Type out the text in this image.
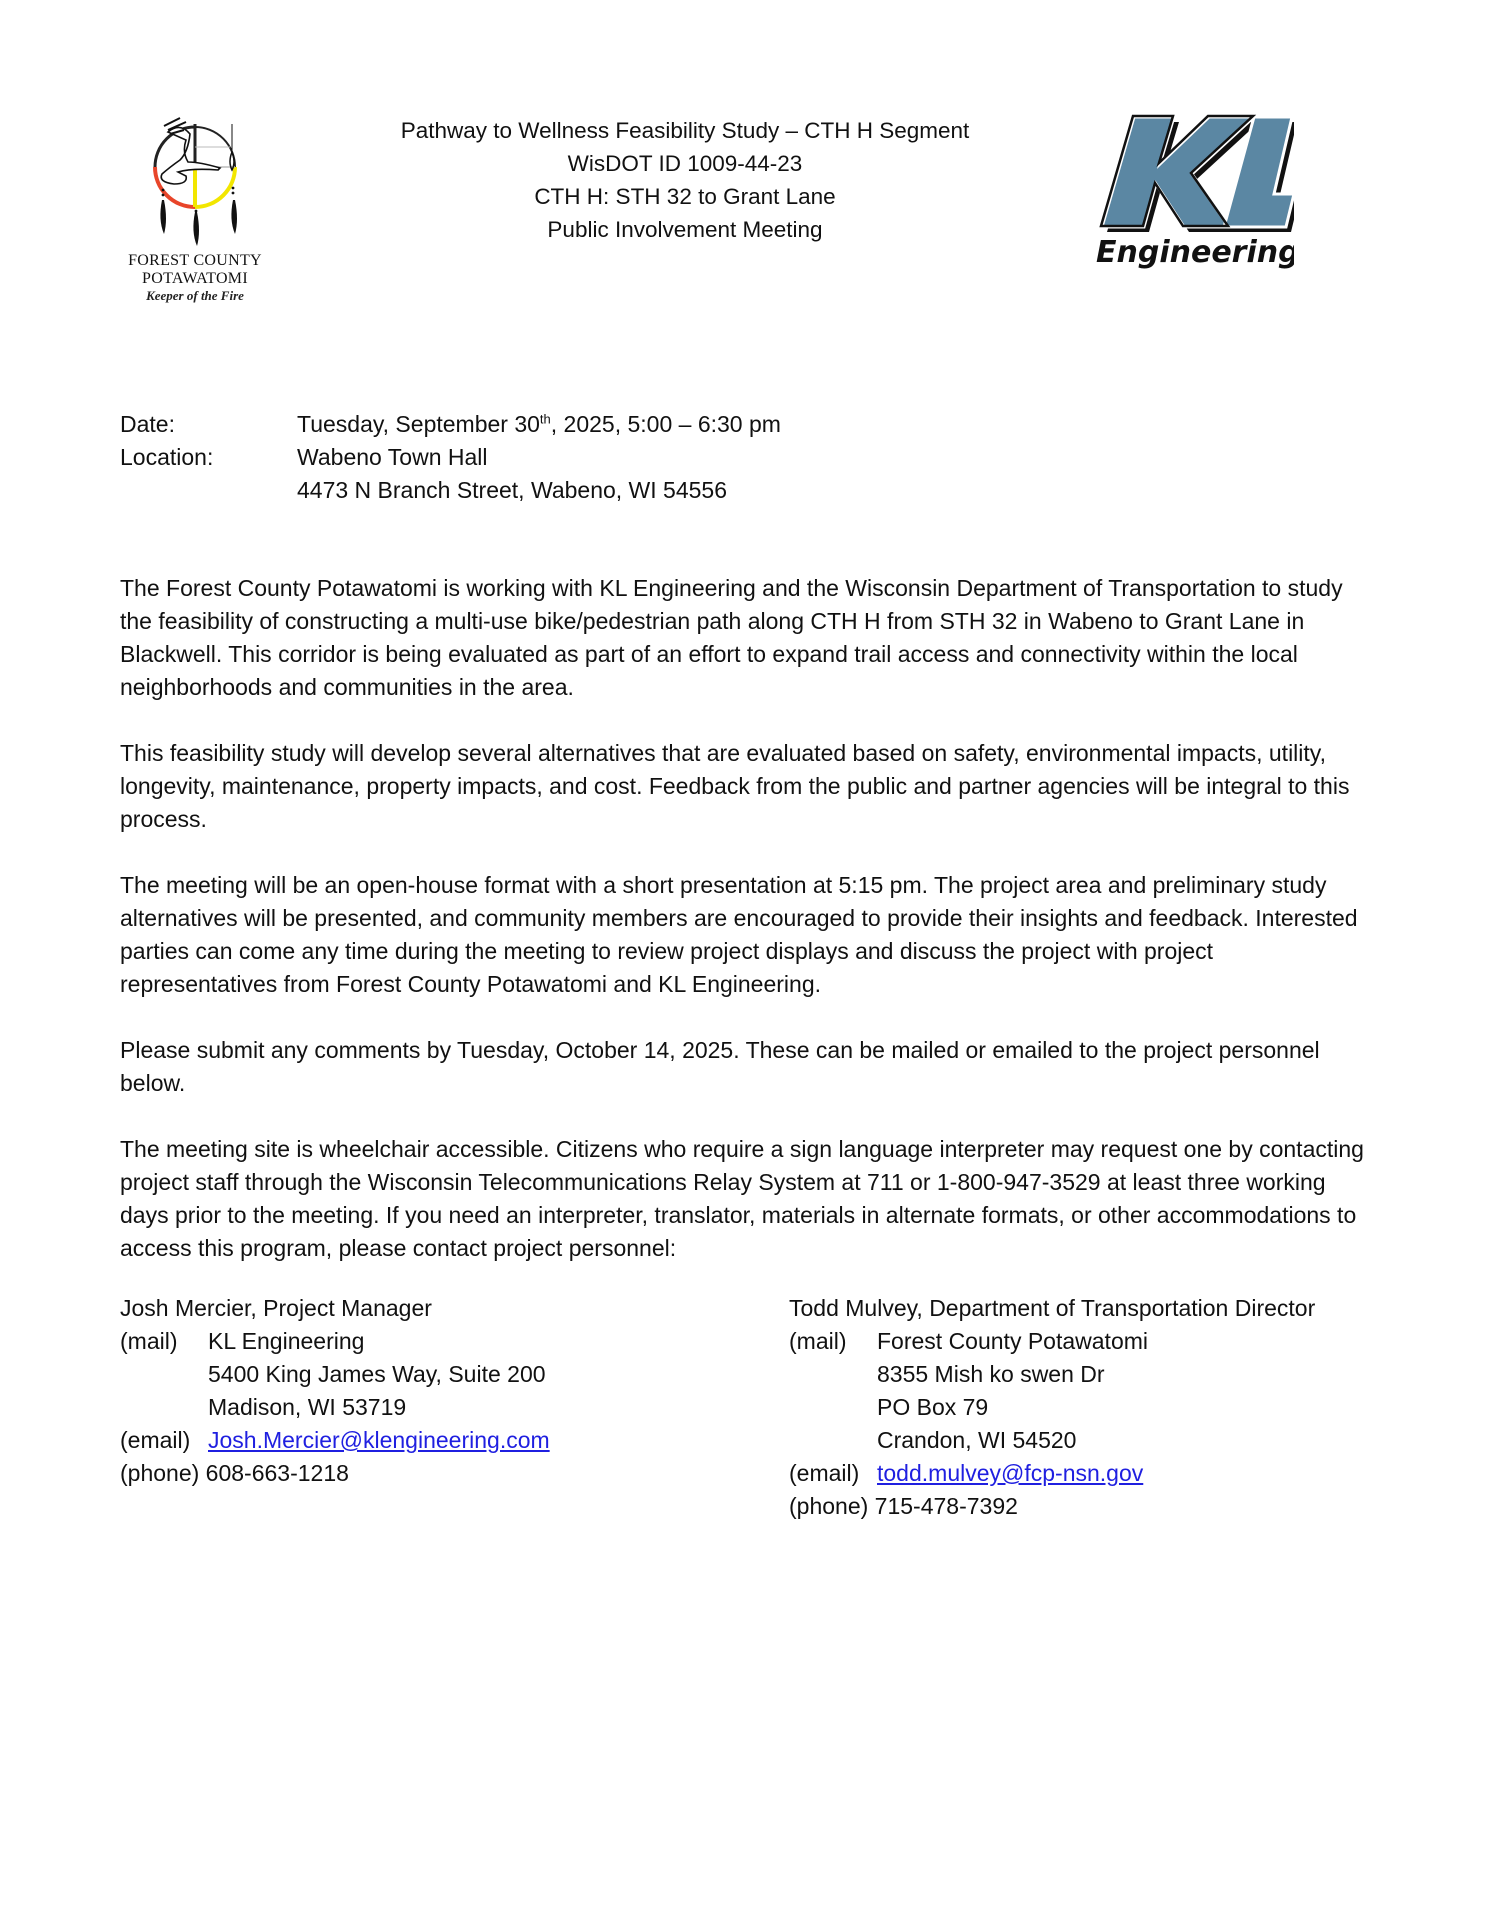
FOREST COUNTY
POTAWATOMI
Keeper of the Fire
Pathway to Wellness Feasibility Study – CTH H Segment
WisDOT ID 1009-44-23
CTH H: STH 32 to Grant Lane
Public Involvement Meeting
Engineering
Date:	Tuesday, September 30th, 2025, 5:00 – 6:30 pm
Location:	Wabeno Town Hall
4473 N Branch Street, Wabeno, WI 54556

The Forest County Potawatomi is working with KL Engineering and the Wisconsin Department of Transportation to study the feasibility of constructing a multi-use bike/pedestrian path along CTH H from STH 32 in Wabeno to Grant Lane in Blackwell. This corridor is being evaluated as part of an effort to expand trail access and connectivity within the local neighborhoods and communities in the area.

This feasibility study will develop several alternatives that are evaluated based on safety, environmental impacts, utility, longevity, maintenance, property impacts, and cost. Feedback from the public and partner agencies will be integral to this process.

The meeting will be an open-house format with a short presentation at 5:15 pm. The project area and preliminary study alternatives will be presented, and community members are encouraged to provide their insights and feedback. Interested parties can come any time during the meeting to review project displays and discuss the project with project representatives from Forest County Potawatomi and KL Engineering.

Please submit any comments by Tuesday, October 14, 2025. These can be mailed or emailed to the project personnel below.

The meeting site is wheelchair accessible. Citizens who require a sign language interpreter may request one by contacting project staff through the Wisconsin Telecommunications Relay System at 711 or 1-800-947-3529 at least three working days prior to the meeting. If you need an interpreter, translator, materials in alternate formats, or other accommodations to access this program, please contact project personnel:

Josh Mercier, Project Manager
(mail)	KL Engineering
5400 King James Way, Suite 200
Madison, WI 53719
(email) Josh.Mercier@klengineering.com
(phone) 608-663-1218
Todd Mulvey, Department of Transportation Director
(mail)	Forest County Potawatomi
8355 Mish ko swen Dr
PO Box 79
Crandon, WI 54520
(email) todd.mulvey@fcp-nsn.gov
(phone) 715-478-7392
